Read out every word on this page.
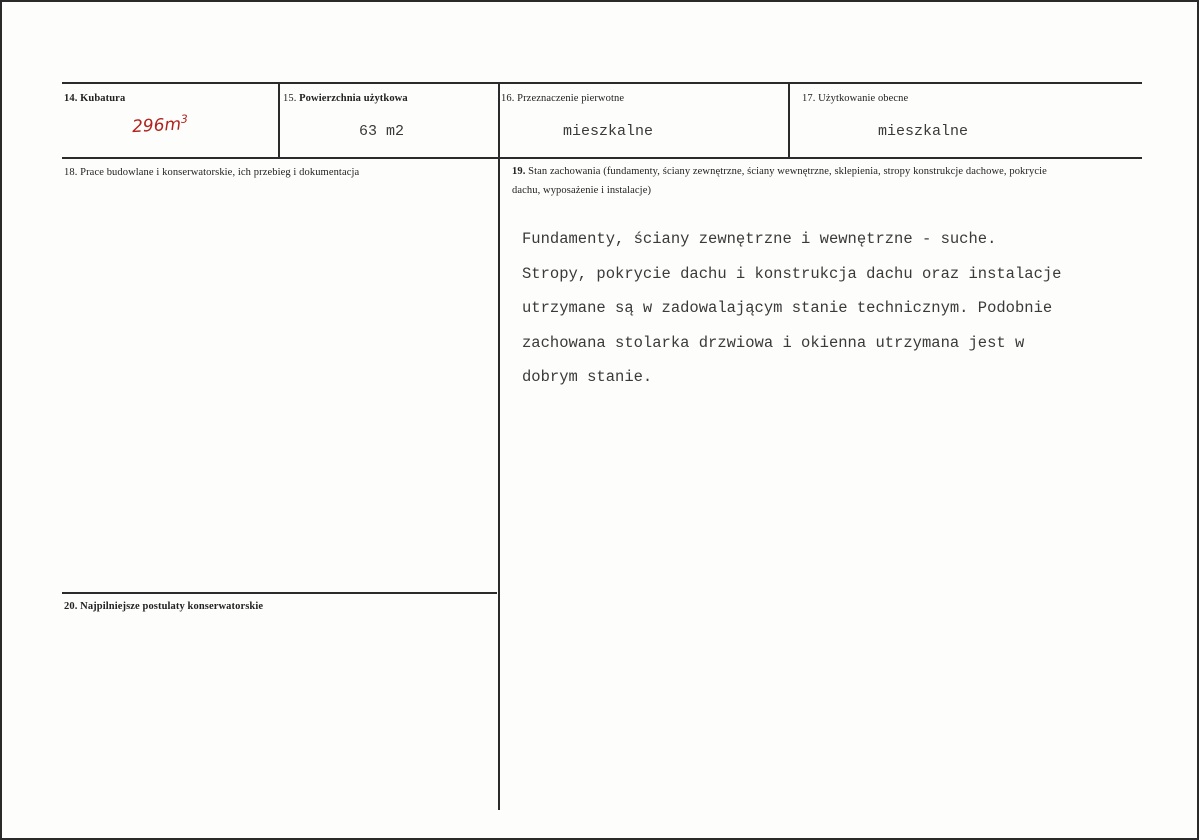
14. Kubatura
$296m^3$
15. Powierzchnia użytkowa
63 m2
16. Przeznaczenie pierwotne
mieszkalne
17. Użytkowanie obecne
mieszkalne
18. Prace budowlane i konserwatorskie, ich przebieg i dokumentacja	19. Stan zachowania (fundamenty, ściany zewnętrzne, ściany wewnętrzne, sklepienia, stropy konstrukcje dachowe, pokrycie dachu, wyposażenie i instalacje)
Fundamenty, ściany zewnętrzne i wewnętrzne - suche.
Stropy, pokrycie dachu i konstrukcja dachu oraz instalacje
utrzymane są w zadowalającym stanie technicznym. Podobnie
zachowana stolarka drzwiowa i okienna utrzymana jest w
dobrym stanie.
20. Najpilniejsze postulaty konserwatorskie
